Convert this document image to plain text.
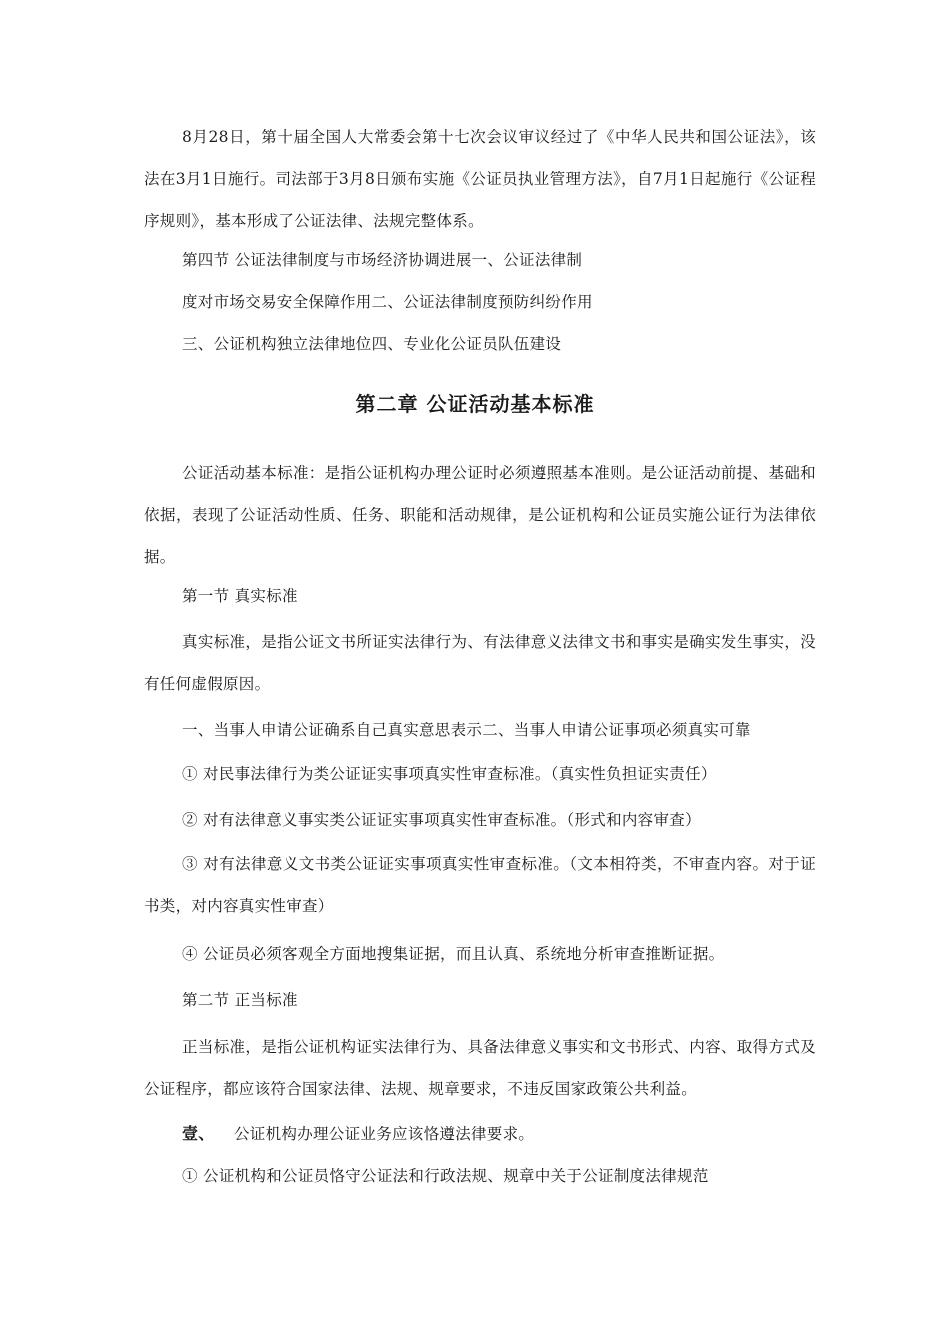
8月28日，第十届全国人大常委会第十七次会议审议经过了《中华人民共和国公证法》，该法在3月1日施行。司法部于3月8日颁布实施《公证员执业管理方法》，自7月1日起施行《公证程序规则》，基本形成了公证法律、法规完整体系。

第四节 公证法律制度与市场经济协调进展一、公证法律制

度对市场交易安全保障作用二、公证法律制度预防纠纷作用

三、公证机构独立法律地位四、专业化公证员队伍建设

第二章 公证活动基本标准

公证活动基本标准：是指公证机构办理公证时必须遵照基本准则。是公证活动前提、基础和依据，表现了公证活动性质、任务、职能和活动规律，是公证机构和公证员实施公证行为法律依据。

第一节 真实标准

真实标准，是指公证文书所证实法律行为、有法律意义法律文书和事实是确实发生事实，没有任何虚假原因。

一、当事人申请公证确系自己真实意思表示二、当事人申请公证事项必须真实可靠

① 对民事法律行为类公证证实事项真实性审查标准。（真实性负担证实责任）

② 对有法律意义事实类公证证实事项真实性审查标准。（形式和内容审查）

③ 对有法律意义文书类公证证实事项真实性审查标准。（文本相符类，不审查内容。对于证书类，对内容真实性审查）

④ 公证员必须客观全方面地搜集证据，而且认真、系统地分析审查推断证据。

第二节 正当标准

正当标准，是指公证机构证实法律行为、具备法律意义事实和文书形式、内容、取得方式及公证程序，都应该符合国家法律、法规、规章要求，不违反国家政策公共利益。

壹、 公证机构办理公证业务应该恪遵法律要求。

① 公证机构和公证员恪守公证法和行政法规、规章中关于公证制度法律规范
